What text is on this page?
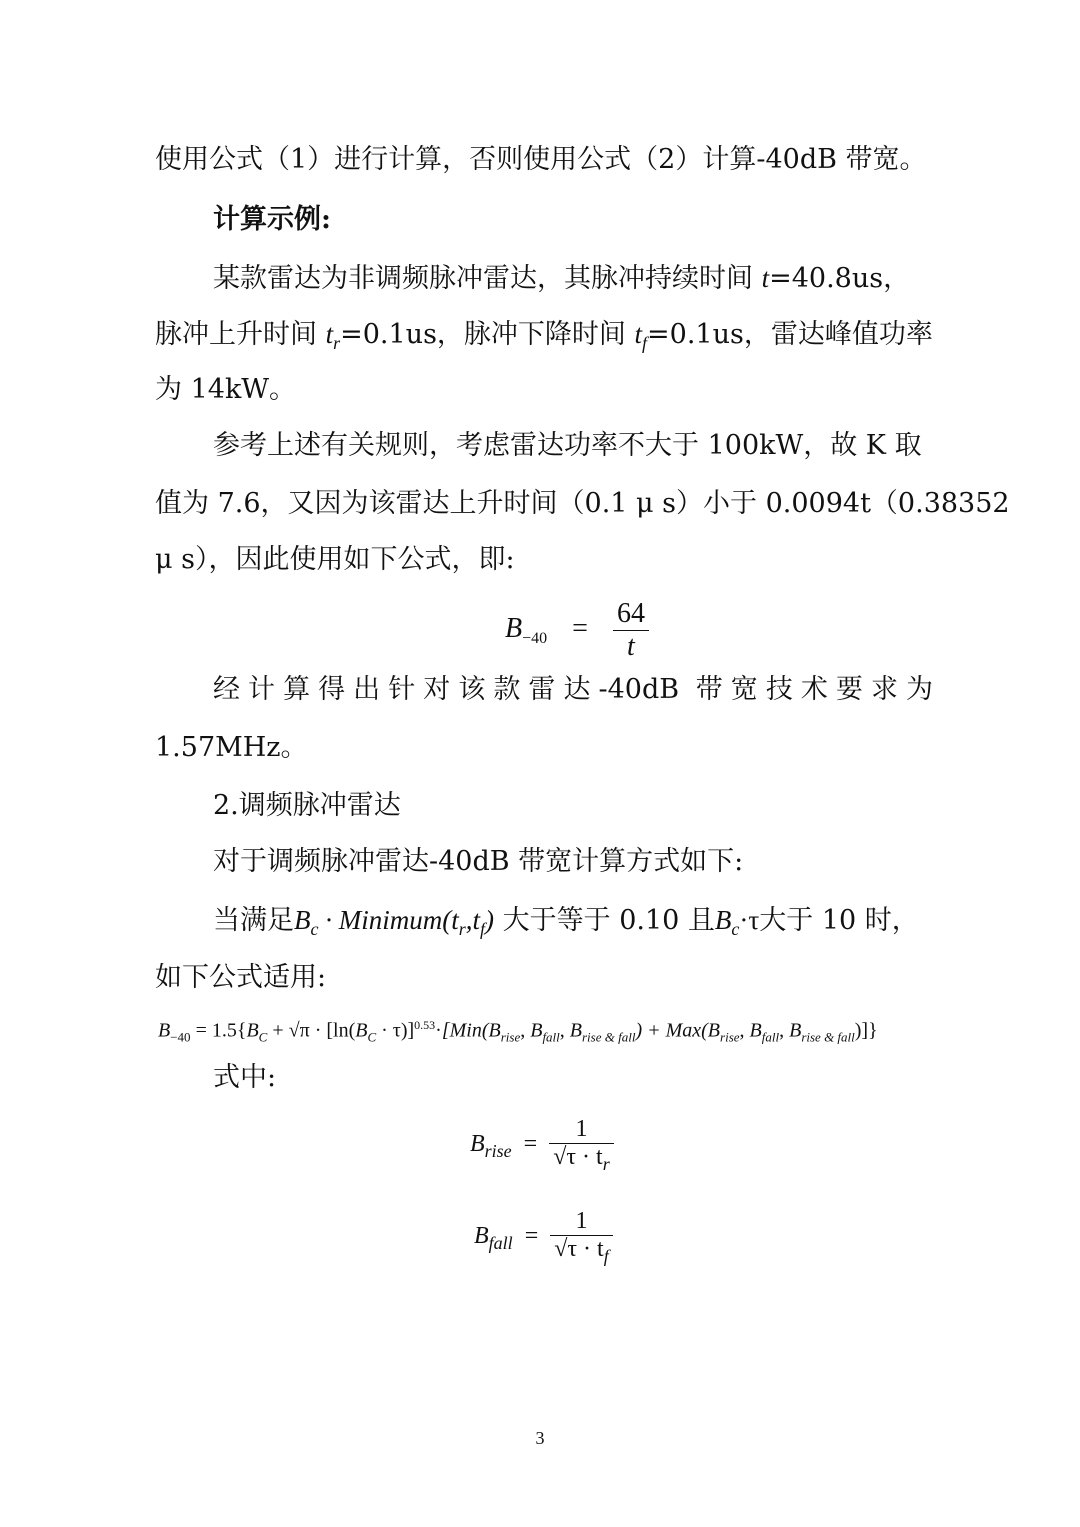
使用公式（1）进行计算，否则使用公式（2）计算-40dB 带宽。
计算示例:
某款雷达为非调频脉冲雷达，其脉冲持续时间 t=40.8us，
脉冲上升时间 $t_r=0.1us$，脉冲下降时间 $t_f=0.1us$，雷达峰值功率
为 14kW。
参考上述有关规则，考虑雷达功率不大于 100kW，故 K 取
值为 7.6，又因为该雷达上升时间（0.1 μ s）小于 0.0094t（0.38352
μ s），因此使用如下公式，即:
$B_{-40} = \frac{64}{t}$
经计算得出针对该款雷达-40dB 带宽技术要求为
1.57MHz。
2.调频脉冲雷达
对于调频脉冲雷达-40dB 带宽计算方式如下:
当满足$B_c$ · $Minimum(t_r,t_f)$ 大于等于 0.10 且$B_c\cdot\tau$大于 10 时，
如下公式适用:
$B_{-40} = 1.5\{B_C + √\pi \cdot [\ln(B_C \cdot \tau)]^{0.53}\cdot[Min(B_{rise}$, $B_{fall}$, $B_{rise \& fall}) + Max(B_{rise}$, $B_{fall}$, $B_{rise \& fall}$)]}
式中:
$B_{rise} = \frac{1}{√\tau \cdot t_r}$
$B_{fall} = \frac{1}{√\tau \cdot t_f}$
3
